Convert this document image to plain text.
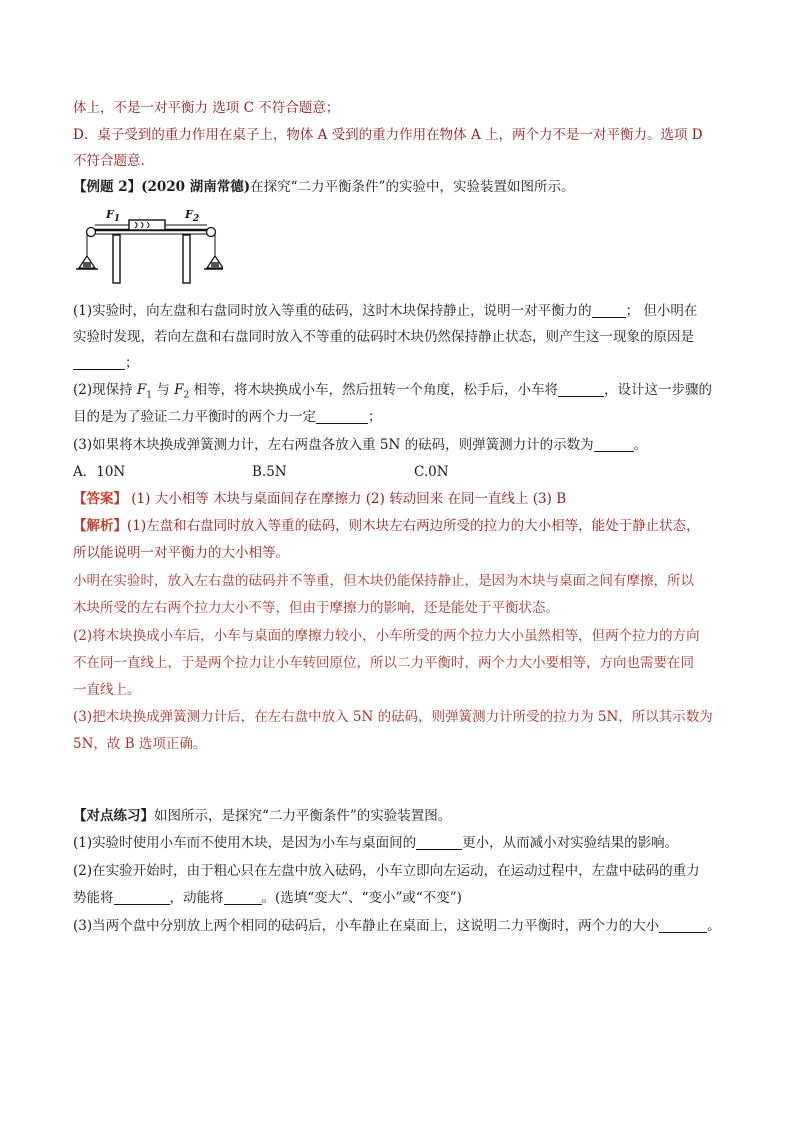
体上，不是一对平衡力 选项 C 不符合题意；
D．桌子受到的重力作用在桌子上，物体 A 受到的重力作用在物体 A 上，两个力不是一对平衡力。选项 D
不符合题意.
【例题 2】(2020 湖南常德)在探究“二力平衡条件”的实验中，实验装置如图所示。
$F_1$	$F_2$
(1)实验时，向左盘和右盘同时放入等重的砝码，这时木块保持静止，说明一对平衡力的	； 但小明在
实验时发现，若向左盘和右盘同时放入不等重的砝码时木块仍然保持静止状态，则产生这一现象的原因是
；
(2)现保持 $F_1$ 与 $F_2$ 相等，将木块换成小车，然后扭转一个角度，松手后，小车将	，设计这一步骤的
目的是为了验证二力平衡时的两个力一定	；
(3)如果将木块换成弹簧测力计，左右两盘各放入重 5N 的砝码，则弹簧测力计的示数为	。
A．10N	B.5N	C.0N
【答案】 (1) 大小相等 木块与桌面间存在摩擦力 (2) 转动回来 在同一直线上 (3) B
【解析】(1)左盘和右盘同时放入等重的砝码，则木块左右两边所受的拉力的大小相等，能处于静止状态，
所以能说明一对平衡力的大小相等。
小明在实验时，放入左右盘的砝码并不等重，但木块仍能保持静止，是因为木块与桌面之间有摩擦，所以
木块所受的左右两个拉力大小不等，但由于摩擦力的影响，还是能处于平衡状态。
(2)将木块换成小车后，小车与桌面的摩擦力较小，小车所受的两个拉力大小虽然相等，但两个拉力的方向
不在同一直线上，于是两个拉力让小车转回原位，所以二力平衡时，两个力大小要相等，方向也需要在同
一直线上。
(3)把木块换成弹簧测力计后，在左右盘中放入 5N 的砝码，则弹簧测力计所受的拉力为 5N，所以其示数为
5N，故 B 选项正确。
【对点练习】如图所示，是探究“二力平衡条件”的实验装置图。
(1)实验时使用小车而不使用木块，是因为小车与桌面间的	更小，从而减小对实验结果的影响。
(2)在实验开始时，由于粗心只在左盘中放入砝码，小车立即向左运动，在运动过程中，左盘中砝码的重力
势能将	，动能将	。(选填“变大”、“变小”或“不变”)
(3)当两个盘中分别放上两个相同的砝码后，小车静止在桌面上，这说明二力平衡时，两个力的大小	。
